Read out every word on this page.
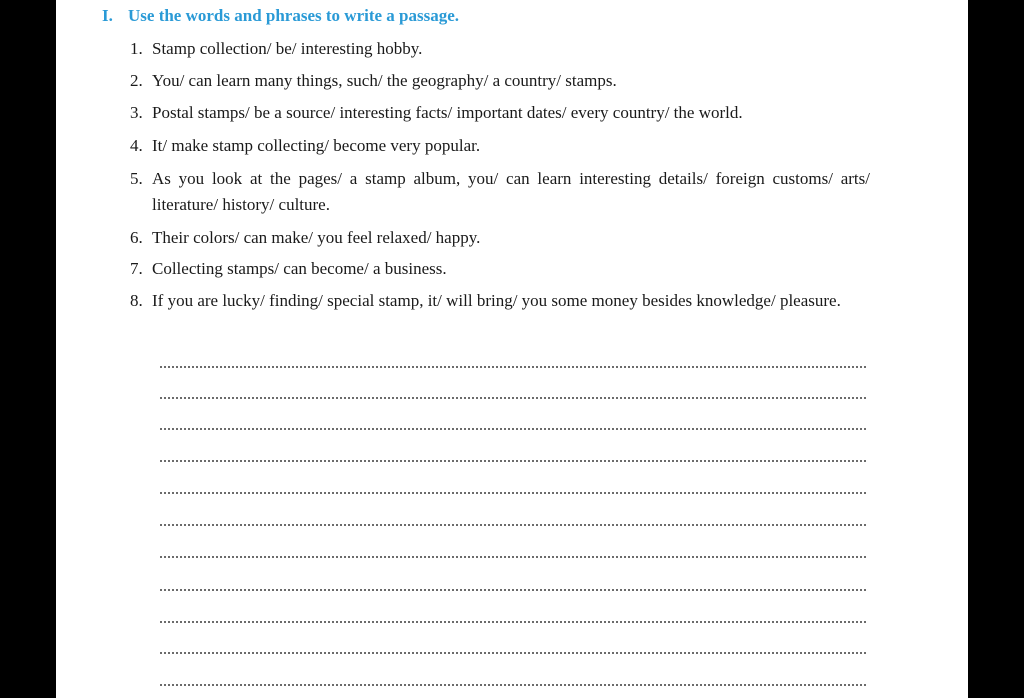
I. Use the words and phrases to write a passage.
1. Stamp collection/ be/ interesting hobby.
2. You/ can learn many things, such/ the geography/ a country/ stamps.
3. Postal stamps/ be a source/ interesting facts/ important dates/ every country/ the world.
4. It/ make stamp collecting/ become very popular.
5. As you look at the pages/ a stamp album, you/ can learn interesting details/ foreign customs/ arts/ literature/ history/ culture.
6. Their colors/ can make/ you feel relaxed/ happy.
7. Collecting stamps/ can become/ a business.
8. If you are lucky/ finding/ special stamp, it/ will bring/ you some money besides knowledge/ pleasure.
